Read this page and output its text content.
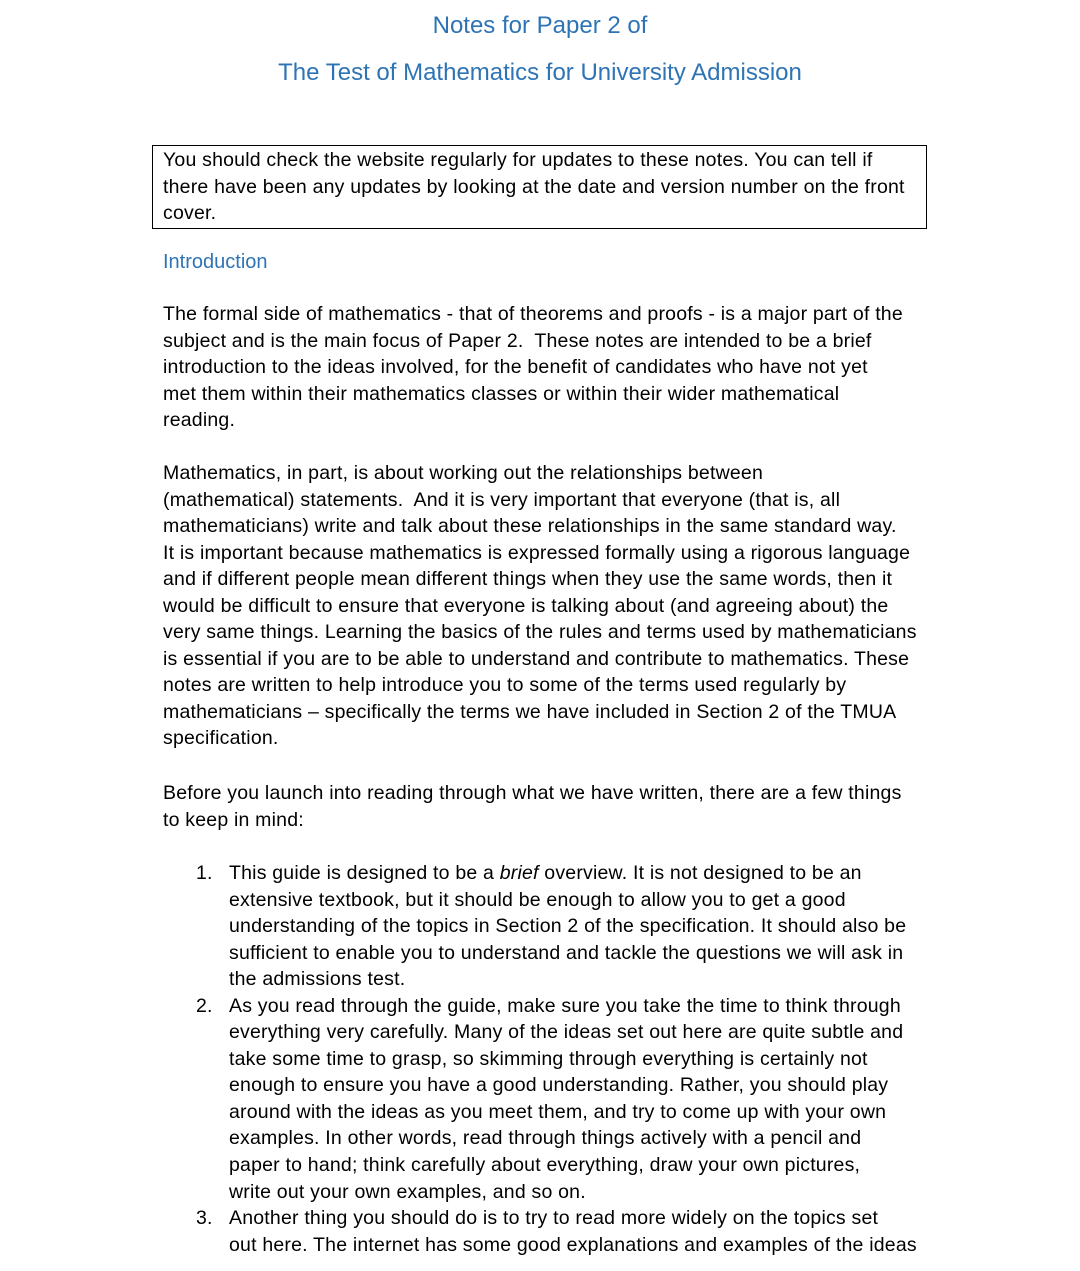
Notes for Paper 2 of
The Test of Mathematics for University Admission
You should check the website regularly for updates to these notes. You can tell if
there have been any updates by looking at the date and version number on the front
cover.
Introduction
The formal side of mathematics - that of theorems and proofs - is a major part of the
subject and is the main focus of Paper 2.  These notes are intended to be a brief
introduction to the ideas involved, for the benefit of candidates who have not yet
met them within their mathematics classes or within their wider mathematical
reading.
Mathematics, in part, is about working out the relationships between
(mathematical) statements.  And it is very important that everyone (that is, all
mathematicians) write and talk about these relationships in the same standard way.
It is important because mathematics is expressed formally using a rigorous language
and if different people mean different things when they use the same words, then it
would be difficult to ensure that everyone is talking about (and agreeing about) the
very same things. Learning the basics of the rules and terms used by mathematicians
is essential if you are to be able to understand and contribute to mathematics. These
notes are written to help introduce you to some of the terms used regularly by
mathematicians – specifically the terms we have included in Section 2 of the TMUA
specification.
Before you launch into reading through what we have written, there are a few things
to keep in mind:
1. This guide is designed to be a brief overview. It is not designed to be an
extensive textbook, but it should be enough to allow you to get a good
understanding of the topics in Section 2 of the specification. It should also be
sufficient to enable you to understand and tackle the questions we will ask in
the admissions test.
2. As you read through the guide, make sure you take the time to think through
everything very carefully. Many of the ideas set out here are quite subtle and
take some time to grasp, so skimming through everything is certainly not
enough to ensure you have a good understanding. Rather, you should play
around with the ideas as you meet them, and try to come up with your own
examples. In other words, read through things actively with a pencil and
paper to hand; think carefully about everything, draw your own pictures,
write out your own examples, and so on.
3. Another thing you should do is to try to read more widely on the topics set
out here. The internet has some good explanations and examples of the ideas
